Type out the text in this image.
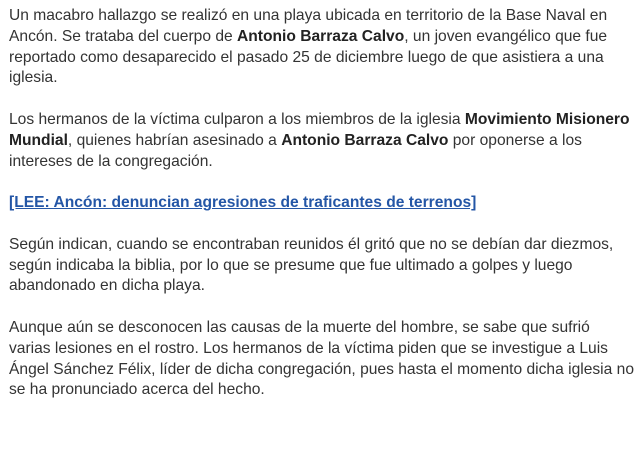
Un macabro hallazgo se realizó en una playa ubicada en territorio de la Base Naval en Ancón. Se trataba del cuerpo de Antonio Barraza Calvo, un joven evangélico que fue reportado como desaparecido el pasado 25 de diciembre luego de que asistiera a una iglesia.

Los hermanos de la víctima culparon a los miembros de la iglesia Movimiento Misionero Mundial, quienes habrían asesinado a Antonio Barraza Calvo por oponerse a los intereses de la congregación.

[LEE: Ancón: denuncian agresiones de traficantes de terrenos]

Según indican, cuando se encontraban reunidos él gritó que no se debían dar diezmos, según indicaba la biblia, por lo que se presume que fue ultimado a golpes y luego abandonado en dicha playa.

Aunque aún se desconocen las causas de la muerte del hombre, se sabe que sufrió varias lesiones en el rostro. Los hermanos de la víctima piden que se investigue a Luis Ángel Sánchez Félix, líder de dicha congregación, pues hasta el momento dicha iglesia no se ha pronunciado acerca del hecho.
